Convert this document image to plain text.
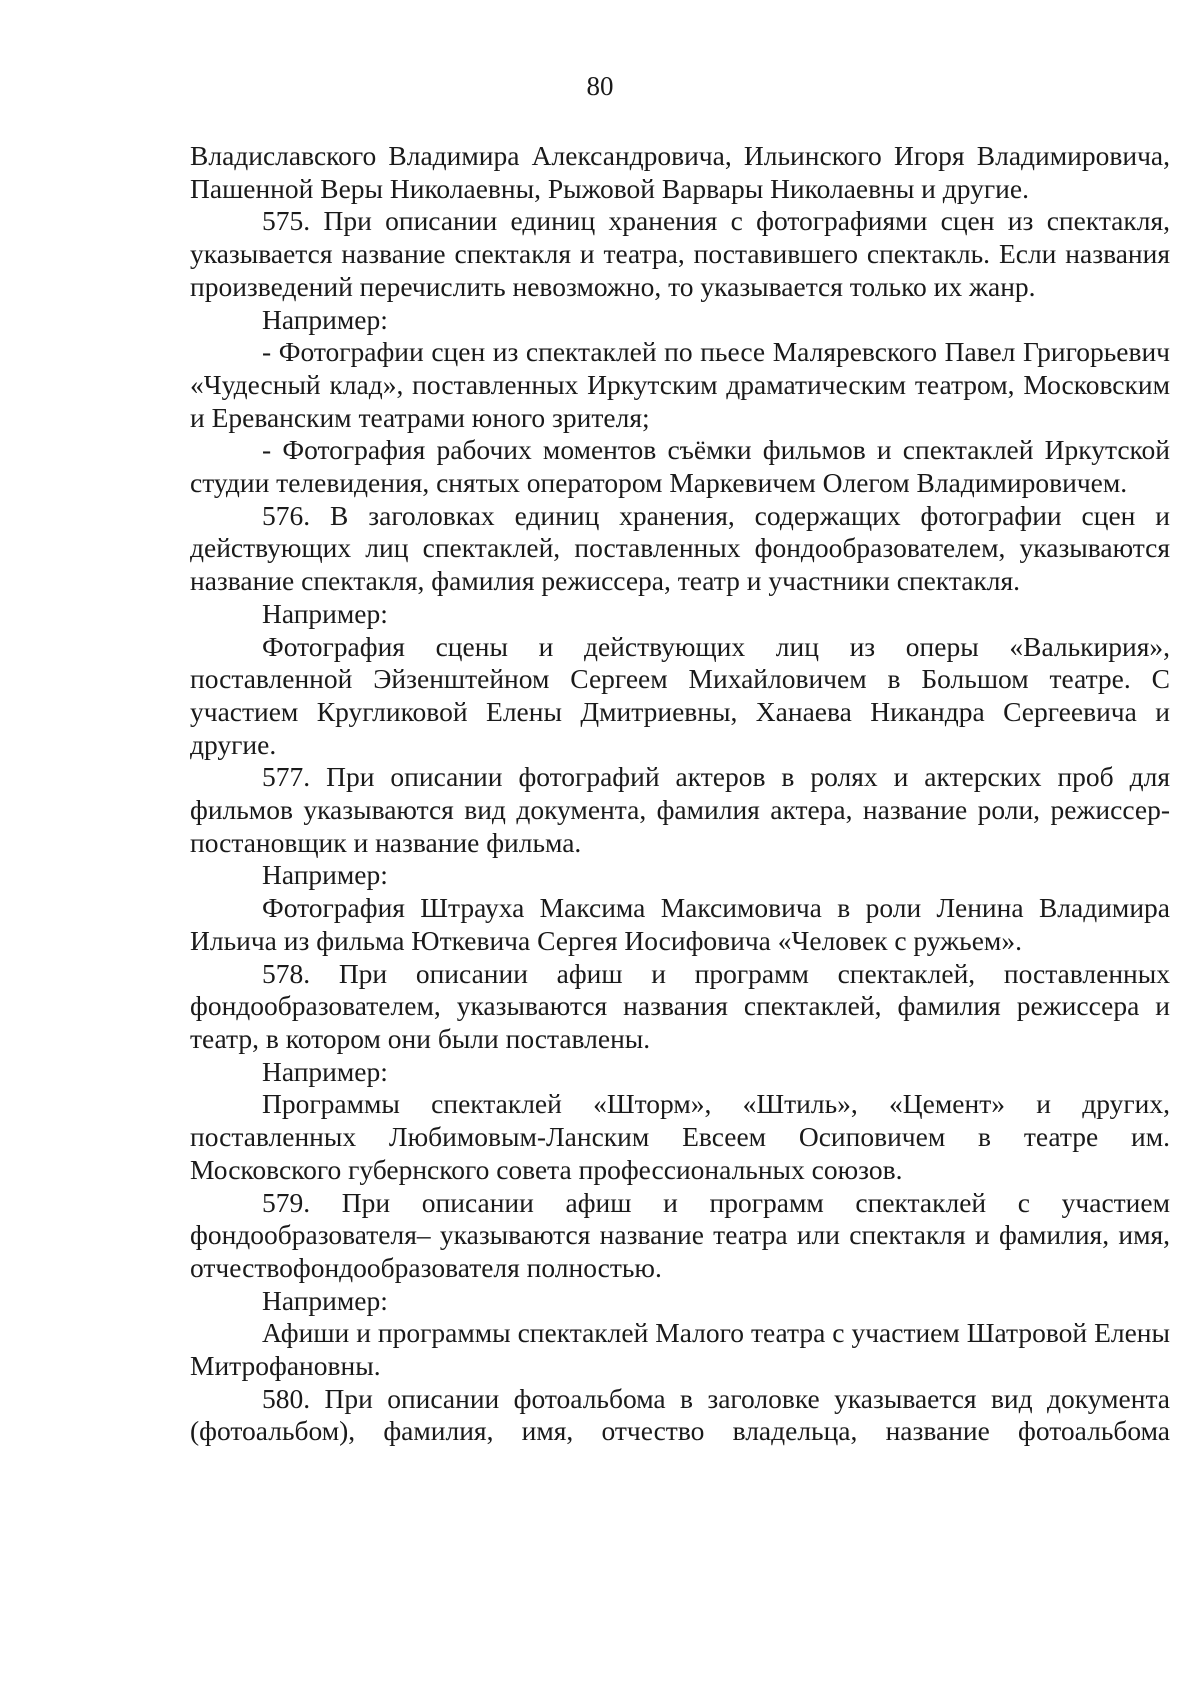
80

Владиславского Владимира Александровича, Ильинского Игоря Владимировича, Пашенной Веры Николаевны, Рыжовой Варвары Николаевны и другие.

575. При описании единиц хранения с фотографиями сцен из спектакля, указывается название спектакля и театра, поставившего спектакль. Если названия произведений перечислить невозможно, то указывается только их жанр.

Например:

- Фотографии сцен из спектаклей по пьесе Маляревского Павел Григорьевич «Чудесный клад», поставленных Иркутским драматическим театром, Московским и Ереванским театрами юного зрителя;

- Фотография рабочих моментов съёмки фильмов и спектаклей Иркутской студии телевидения, снятых оператором Маркевичем Олегом Владимировичем.

576. В заголовках единиц хранения, содержащих фотографии сцен и действующих лиц спектаклей, поставленных фондообразователем, указываются название спектакля, фамилия режиссера, театр и участники спектакля.

Например:

Фотография сцены и действующих лиц из оперы «Валькирия», поставленной Эйзенштейном Сергеем Михайловичем в Большом театре. С участием Кругликовой Елены Дмитриевны, Ханаева Никандра Сергеевича и другие.

577. При описании фотографий актеров в ролях и актерских проб для фильмов указываются вид документа, фамилия актера, название роли, режиссер-постановщик и название фильма.

Например:

Фотография Штрауха Максима Максимовича в роли Ленина Владимира Ильича из фильма Юткевича Сергея Иосифовича «Человек с ружьем».

578. При описании афиш и программ спектаклей, поставленных фондообразователем, указываются названия спектаклей, фамилия режиссера и театр, в котором они были поставлены.

Например:

Программы спектаклей «Шторм», «Штиль», «Цемент» и других, поставленных Любимовым-Ланским Евсеем Осиповичем в театре им. Московского губернского совета профессиональных союзов.

579. При описании афиш и программ спектаклей с участием фондообразователя– указываются название театра или спектакля и фамилия, имя, отчествофондообразователя полностью.

Например:

Афиши и программы спектаклей Малого театра с участием Шатровой Елены Митрофановны.

580. При описании фотоальбома в заголовке указывается вид документа (фотоальбом), фамилия, имя, отчество владельца, название фотоальбома
